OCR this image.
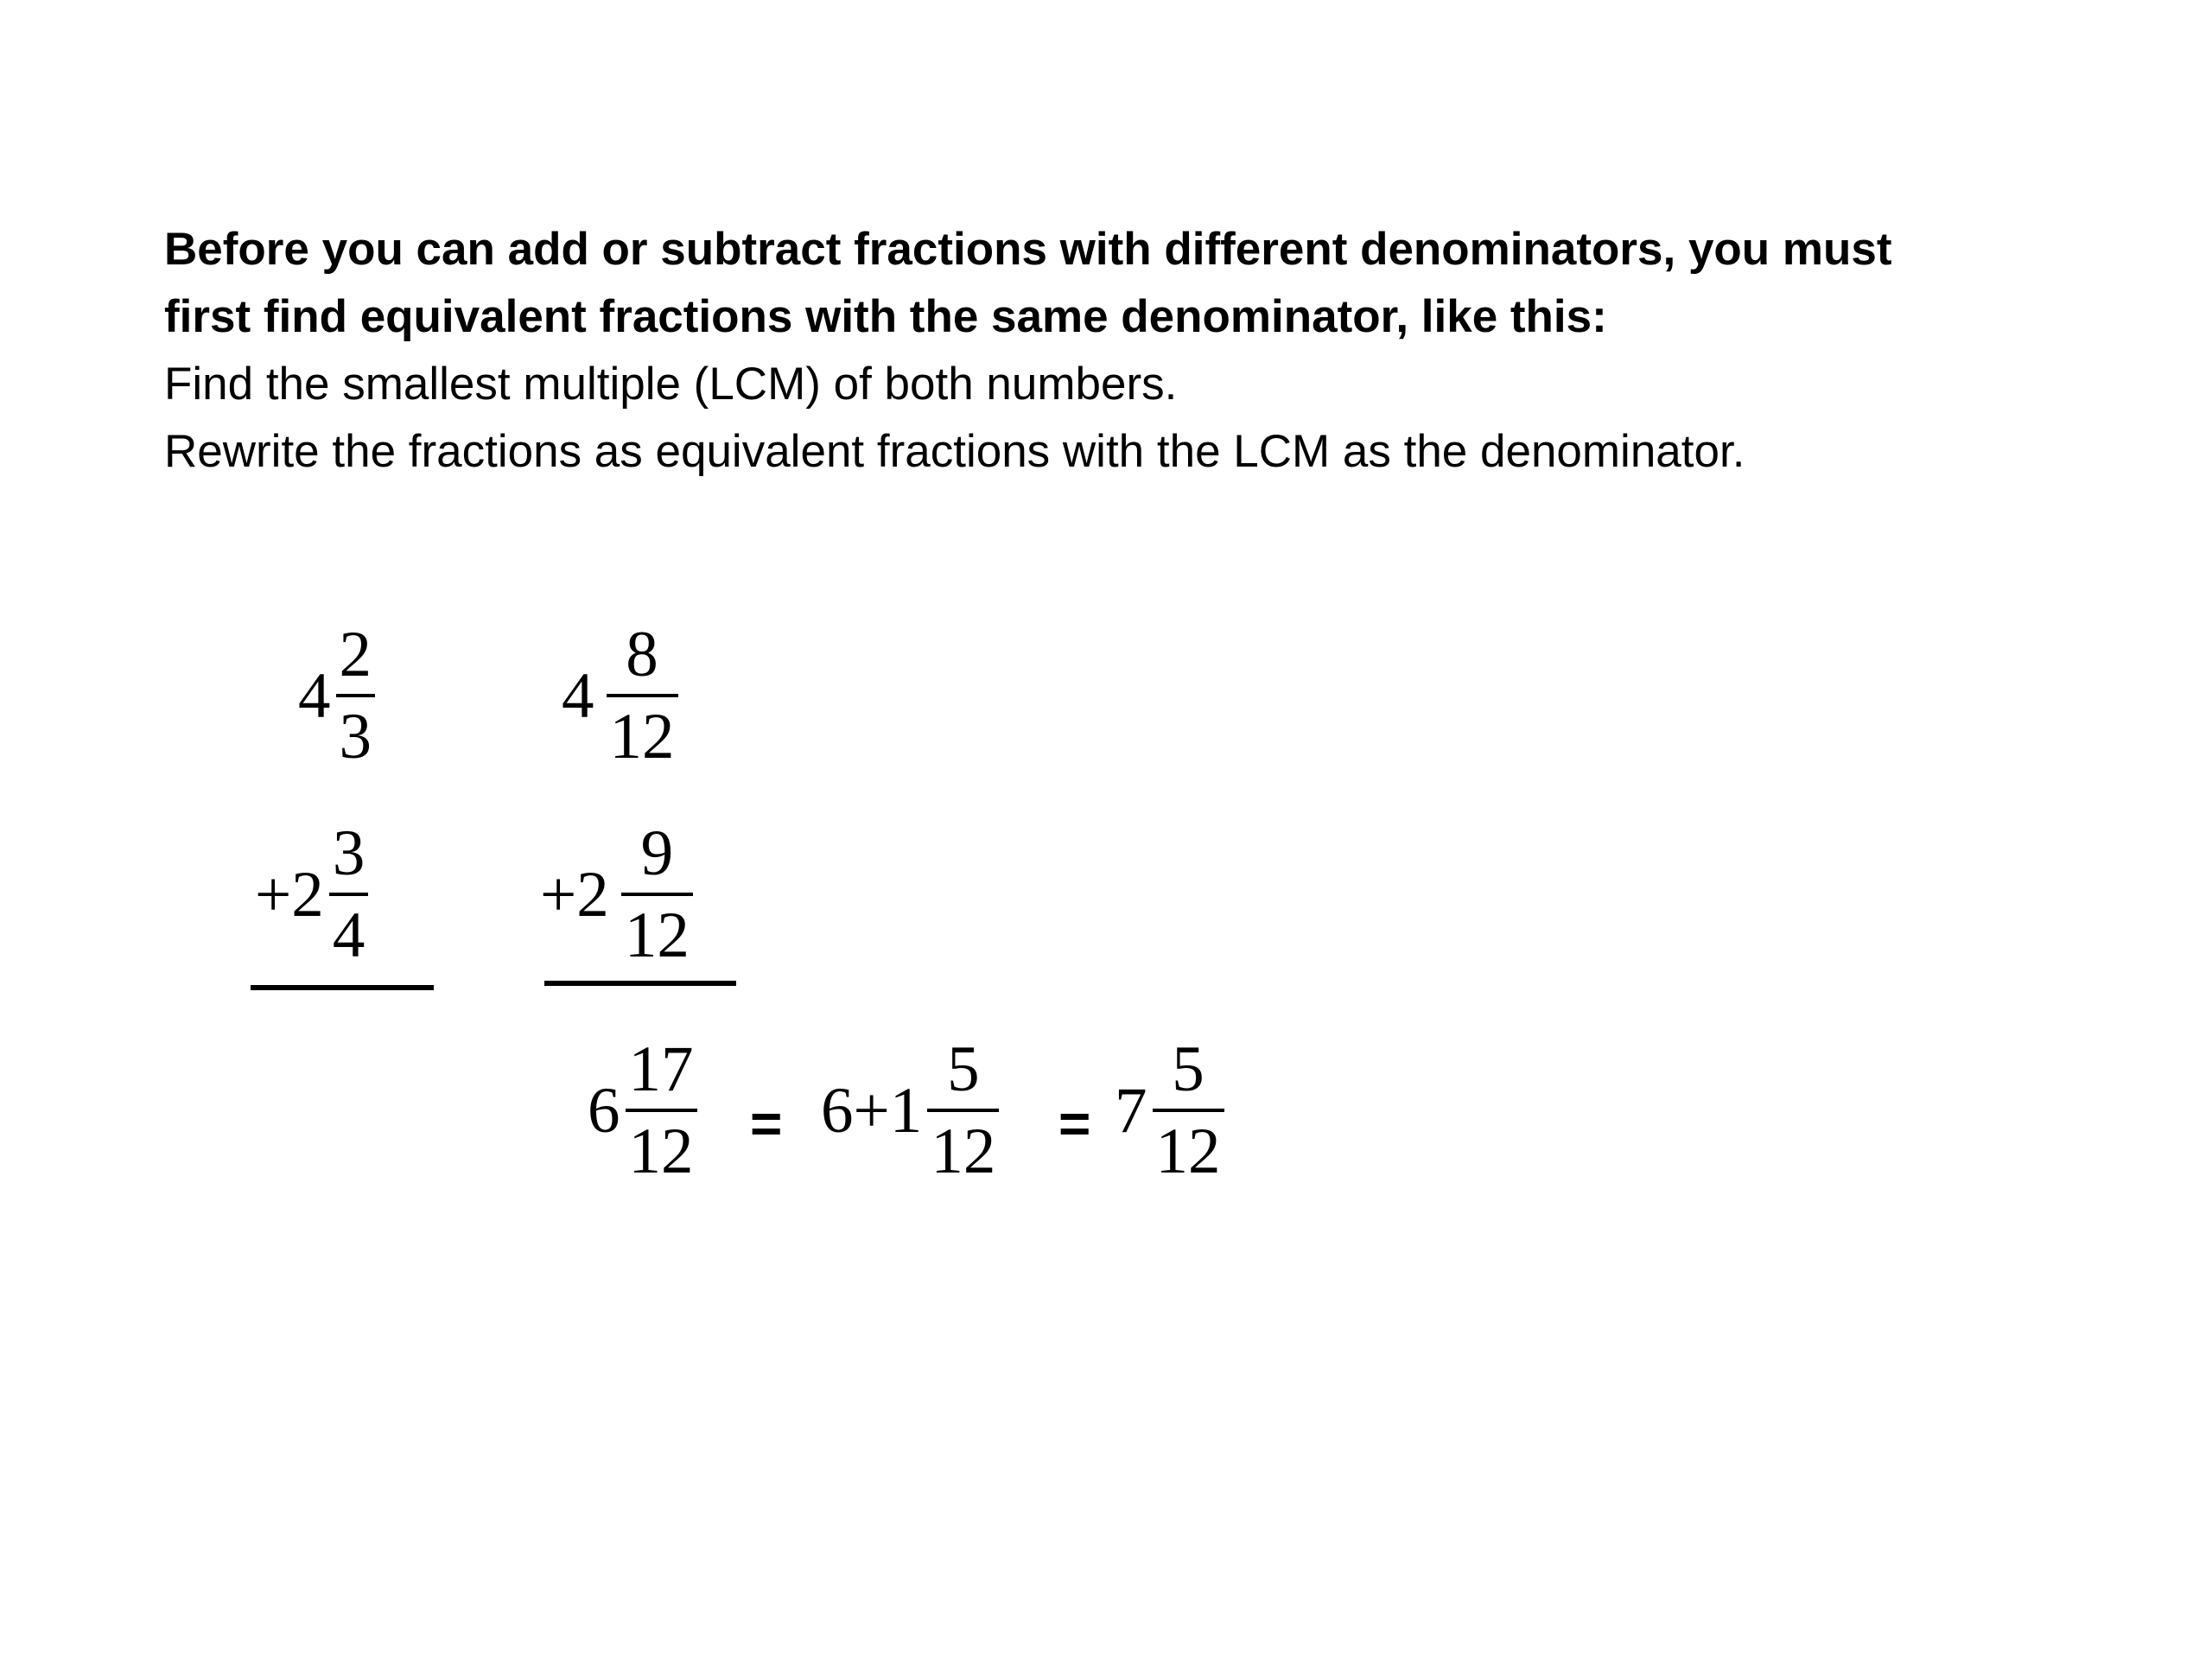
Before you can add or subtract fractions with different denominators, you must
first find equivalent fractions with the same denominator, like this:
Find the smallest multiple (LCM) of both numbers.
Rewrite the fractions as equivalent fractions with the LCM as the denominator.
$4 \frac{2}{3}$
$+2 \frac{3}{4}$
$4 \frac{8}{12}$
$+2 \frac{9}{12}$
$6 \frac{17}{12} = 6+1 \frac{5}{12} = 7 \frac{5}{12}$
